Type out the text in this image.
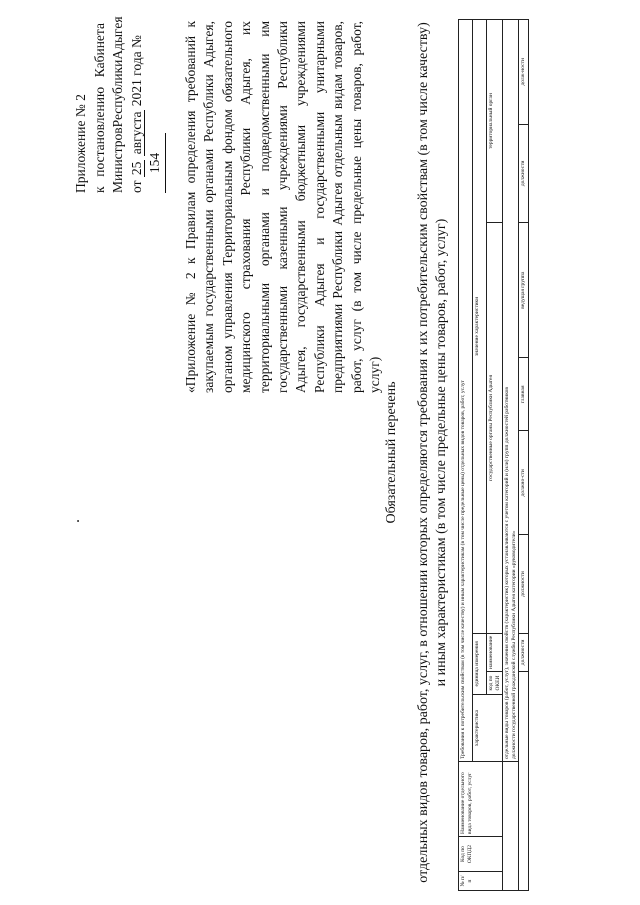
.
Приложение № 2 к
постановлению
Кабинета
Министров
Республики
Адыгея
от 25 августа 2021 года № 154 «Приложение № 2 к Правилам определения требований к закупаемым государственными органами Республики Адыгея, органом управления Территориальным фондом обязательного медицинского страхования Республики Адыгея, их территориальными органами и подведомственными им государственными казенными учреждениями Республики Адыгея, государственными бюджетными учреждениями Республики Адыгея и государственными унитарными предприятиями Республики Адыгея отдельным видам товаров, работ, услуг (в том числе предельные цены товаров, работ, услуг)

Обязательный перечень отдельных видов товаров, работ, услуг, в отношении которых определяются требования к их потребительским свойствам (в том числе качеству) и иным характеристикам (в том числе предельные цены товаров, работ, услуг)
№ п/п	Код по ОКПД2	Наименование отдельного вида товаров, работ, услуг	Требования к потребительским свойствам (в том числе качеству) и иным характеристикам (в том числе предельные цены) отдельных видов товаров, работ, услуг								
			характеристика	единица измерения		значение характеристики					
				код по ОКЕИ	наименование	государственные органы Республики Адыгея				территориальный орган	
			отдельные виды товаров (работ, услуг), значения свойств (характеристик) которых устанавливаются с учетом категорий и (или) групп должностей работников
должности государственной гражданской службы Республики Адыгея категории «руководители»								
					должности	должности	должно-сти	главная	ведущая группа	должности	долж-ности
